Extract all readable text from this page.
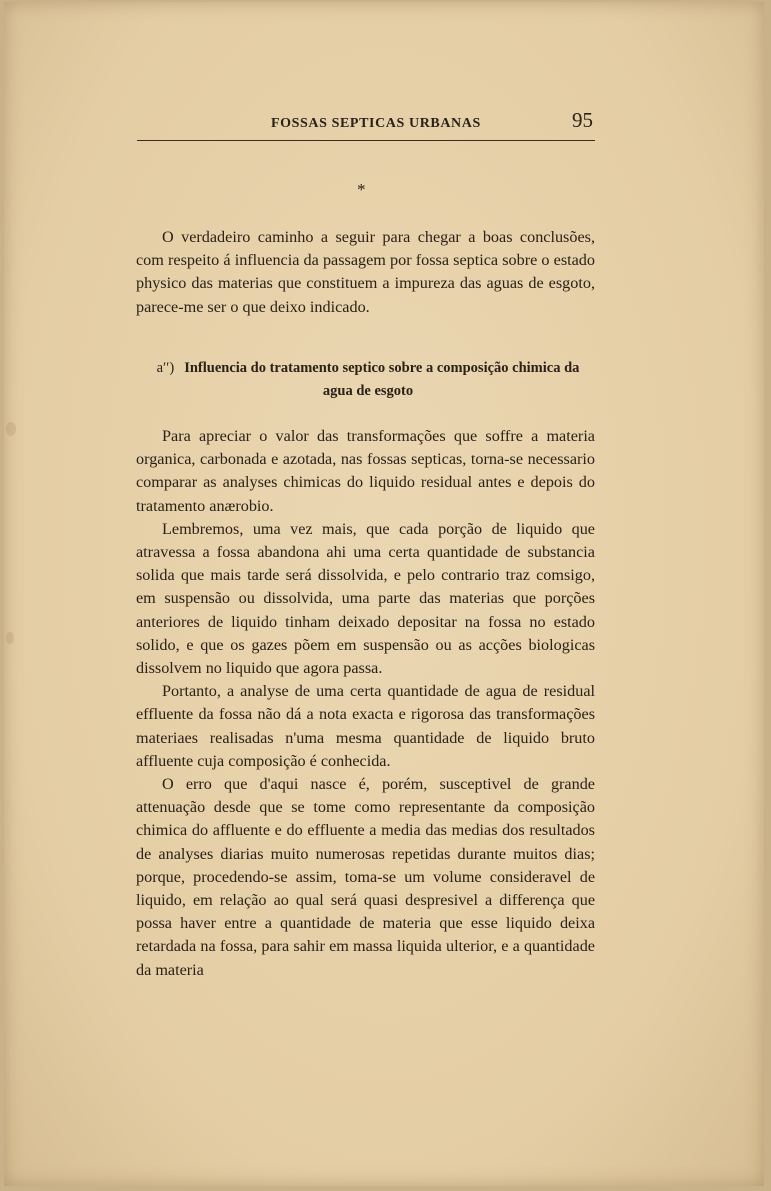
FOSSAS SEPTICAS URBANAS	95
*

O verdadeiro caminho a seguir para chegar a boas conclusões, com respeito á influencia da passagem por fossa septica sobre o estado physico das materias que constituem a impureza das aguas de esgoto, parece-me ser o que deixo indicado.

a′′) Influencia do tratamento septico sobre a composição chimica da agua de esgoto

Para apreciar o valor das transformações que soffre a materia organica, carbonada e azotada, nas fossas septicas, torna-se necessario comparar as analyses chimicas do liquido residual antes e depois do tratamento anærobio.

Lembremos, uma vez mais, que cada porção de liquido que atravessa a fossa abandona ahi uma certa quantidade de substancia solida que mais tarde será dissolvida, e pelo contrario traz comsigo, em suspensão ou dissolvida, uma parte das materias que porções anteriores de liquido tinham deixado depositar na fossa no estado solido, e que os gazes põem em suspensão ou as acções biologicas dissolvem no liquido que agora passa.

Portanto, a analyse de uma certa quantidade de agua de residual effluente da fossa não dá a nota exacta e rigorosa das transformações materiaes realisadas n'uma mesma quantidade de liquido bruto affluente cuja composição é conhecida.

O erro que d'aqui nasce é, porém, susceptivel de grande attenuação desde que se tome como representante da composição chimica do affluente e do effluente a media das medias dos resultados de analyses diarias muito numerosas repetidas durante muitos dias; porque, procedendo-se assim, toma-se um volume consideravel de liquido, em relação ao qual será quasi despresivel a differença que possa haver entre a quantidade de materia que esse liquido deixa retardada na fossa, para sahir em massa liquida ulterior, e a quantidade da materia
